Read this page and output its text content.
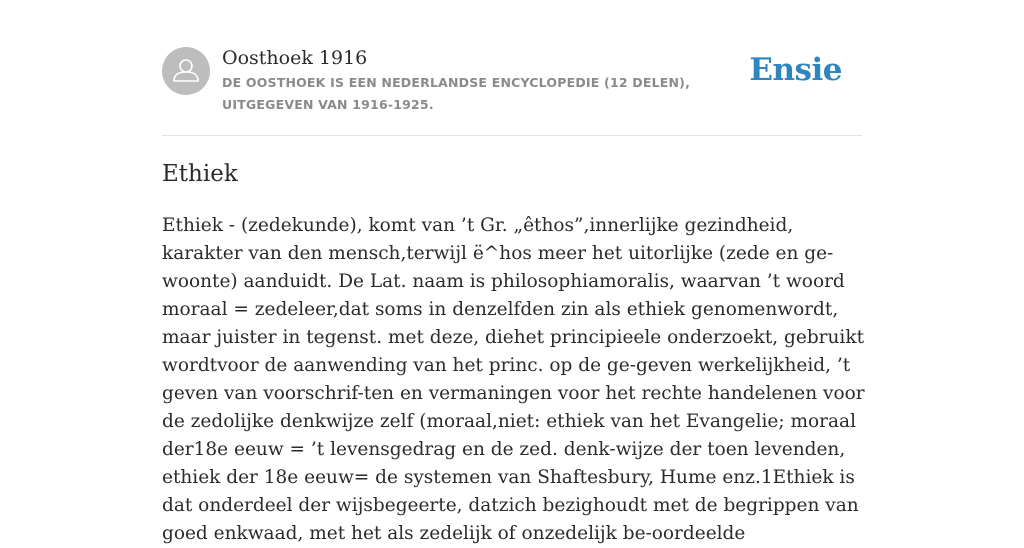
Oosthoek 1916
DE OOSTHOEK IS EEN NEDERLANDSE ENCYCLOPEDIE (12 DELEN), UITGEGEVEN VAN 1916-1925.
Ensie
Ethiek

Ethiek - (zedekunde), komt van ’t Gr. „êthos”,innerlijke gezindheid, karakter van den mensch,terwijl ë^hos meer het uitorlijke (zede en ge-woonte) aanduidt. De Lat. naam is philosophiamoralis, waarvan ’t woord moraal = zedeleer,dat soms in denzelfden zin als ethiek genomenwordt, maar juister in tegenst. met deze, diehet principieele onderzoekt, gebruikt wordtvoor de aanwending van het princ. op de ge-geven werkelijkheid, ’t geven van voorschrif-ten en vermaningen voor het rechte handelenen voor de zedolijke denkwijze zelf (moraal,niet: ethiek van het Evangelie; moraal der18e eeuw = ’t levensgedrag en de zed. denk-wijze der toen levenden, ethiek der 18e eeuw= de systemen van Shaftesbury, Hume enz.1Ethiek is dat onderdeel der wijsbegeerte, datzich bezighoudt met de begrippen van goed enkwaad, met het als zedelijk of onzedelijk be-oordeelde
